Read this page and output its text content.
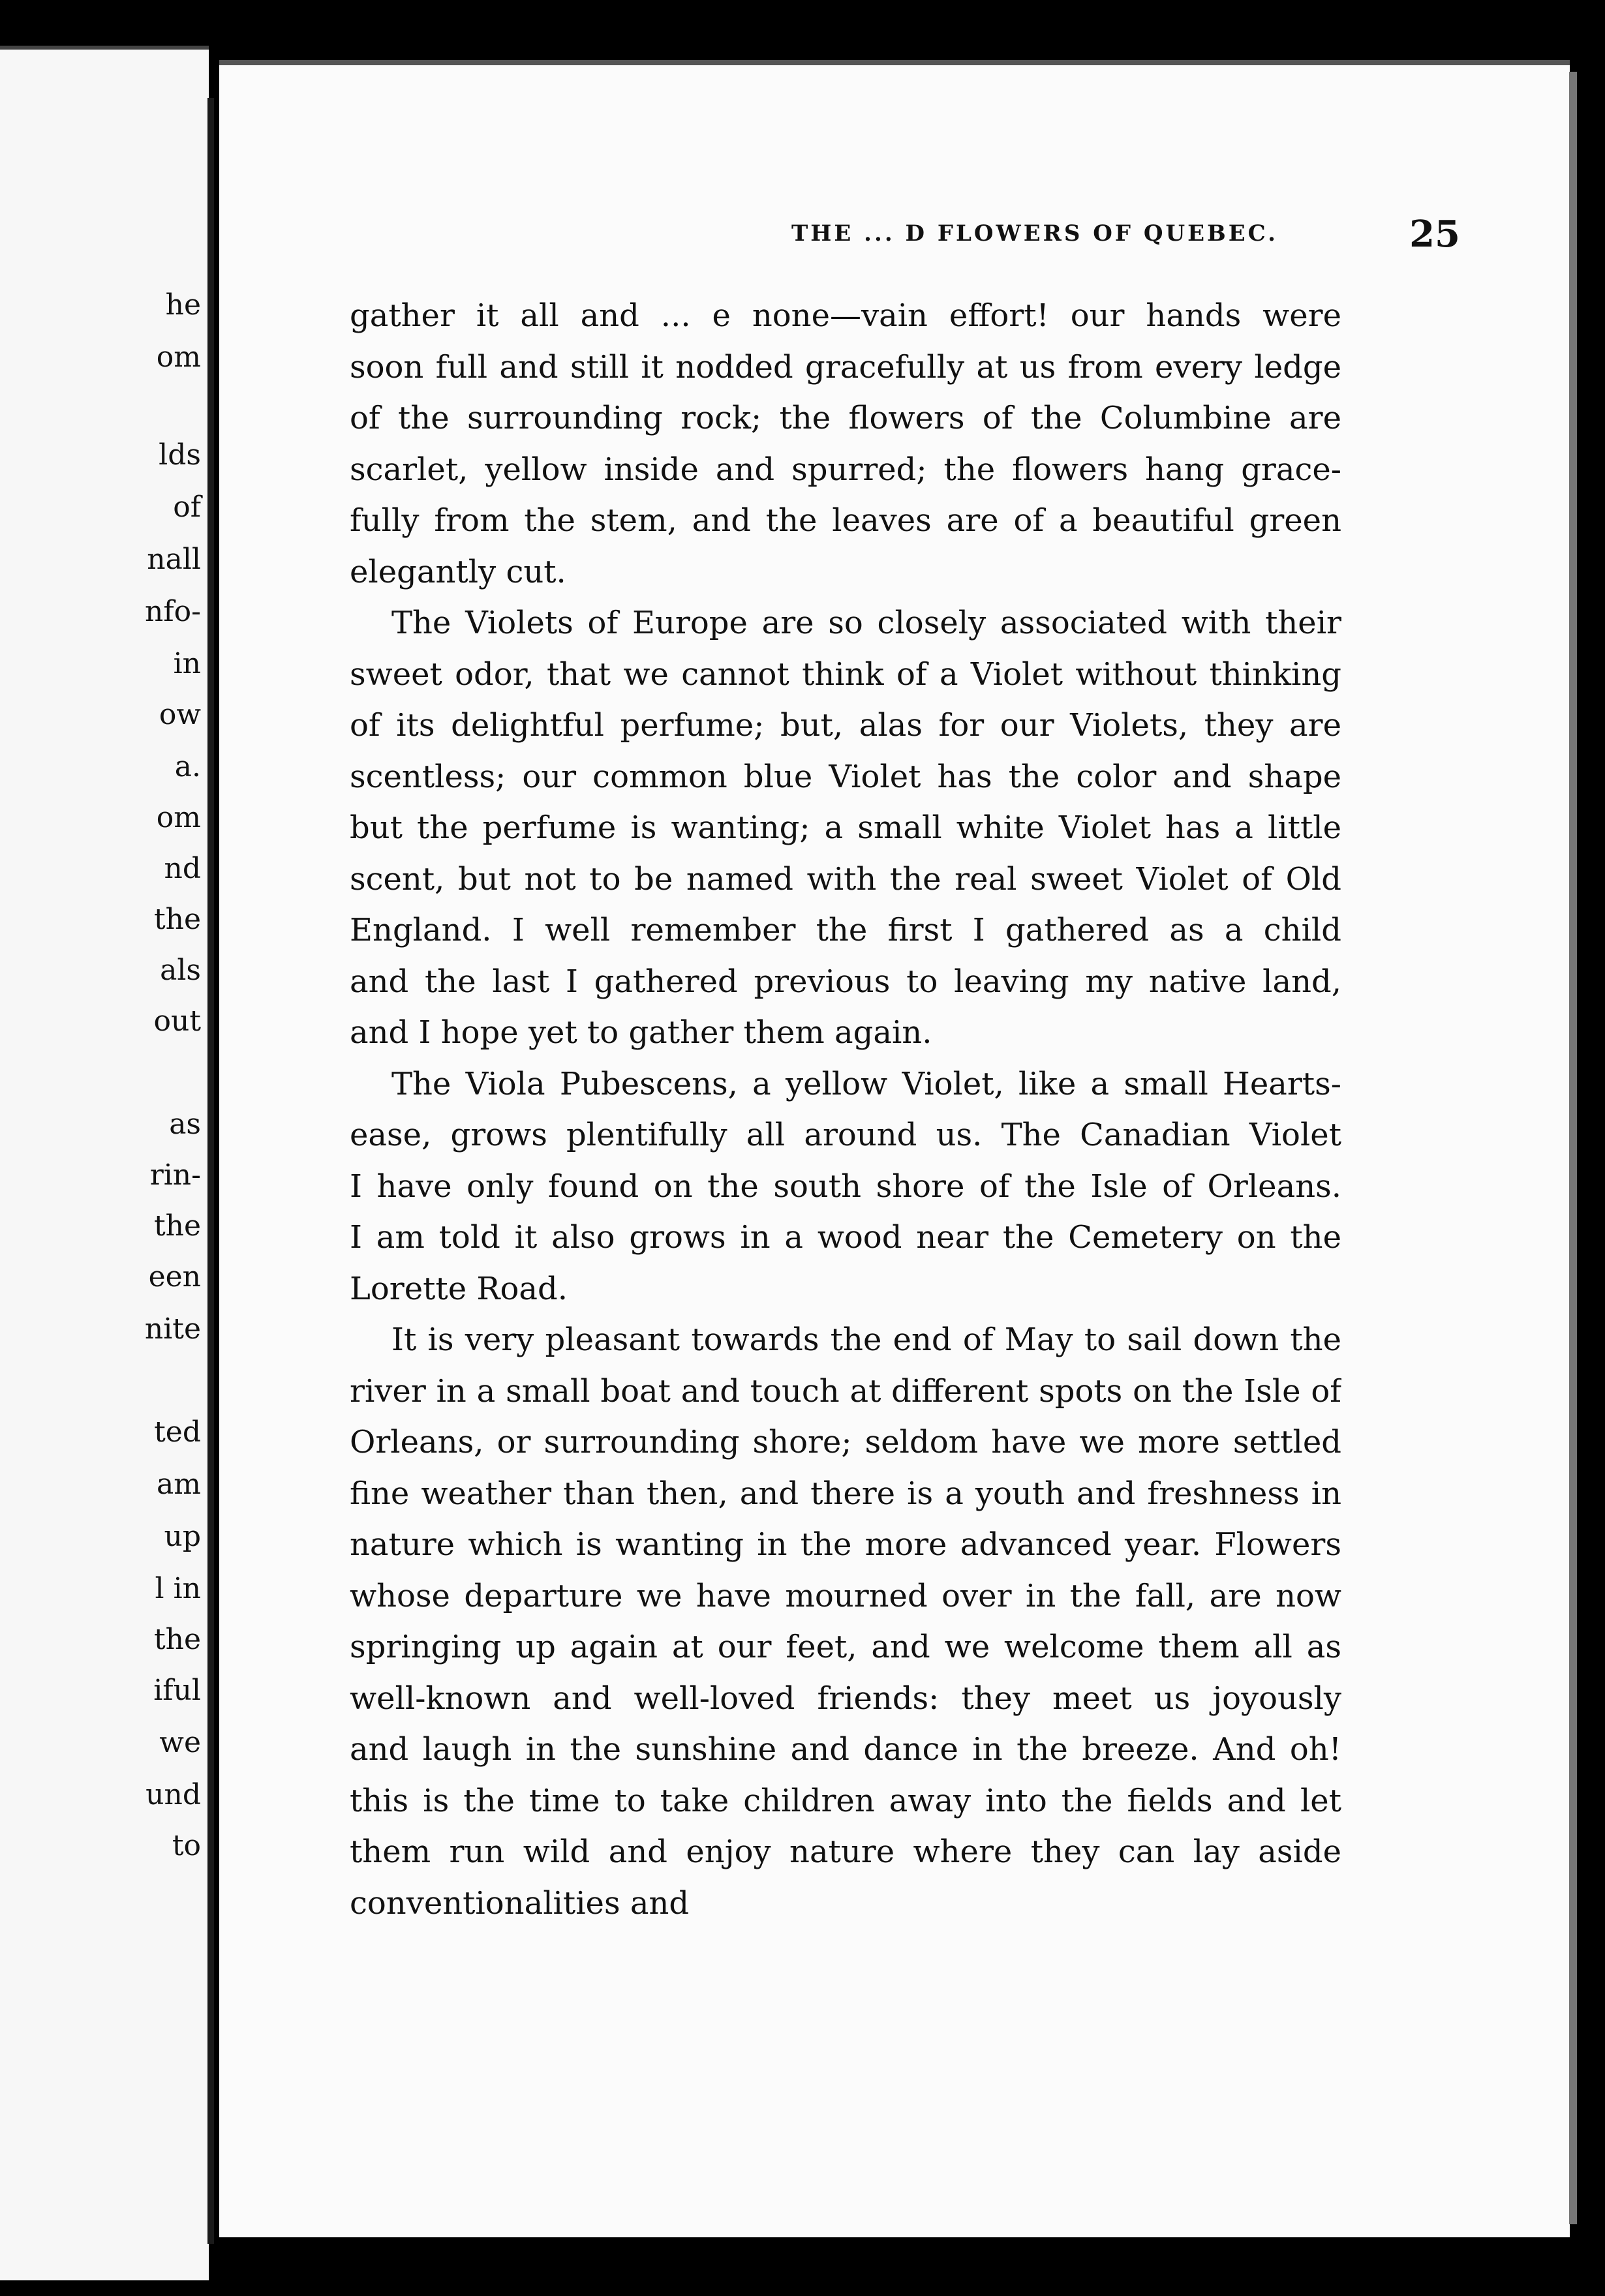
he
om
lds
of
nall
nfo-
in
ow
a.
om
nd
the
als
out
as
rin-
the
een
nite
ted
am
up
l in
the
iful
we
und
to
THE ... D FLOWERS OF QUEBEC.	25
gather it all and ... e none—vain effort! our hands were
soon full and still it nodded gracefully at us from every ledge
of the surrounding rock; the flowers of the Columbine are
scarlet, yellow inside and spurred; the flowers hang grace-
fully from the stem, and the leaves are of a beautiful green
elegantly cut.
The Violets of Europe are so closely associated with their
sweet odor, that we cannot think of a Violet without thinking
of its delightful perfume; but, alas for our Violets, they are
scentless; our common blue Violet has the color and shape
but the perfume is wanting; a small white Violet has a little
scent, but not to be named with the real sweet Violet of Old
England. I well remember the first I gathered as a child
and the last I gathered previous to leaving my native land,
and I hope yet to gather them again.
The Viola Pubescens, a yellow Violet, like a small Hearts-
ease, grows plentifully all around us. The Canadian Violet
I have only found on the south shore of the Isle of Orleans.
I am told it also grows in a wood near the Cemetery on the
Lorette Road.
It is very pleasant towards the end of May to sail down the
river in a small boat and touch at different spots on the Isle of
Orleans, or surrounding shore; seldom have we more settled
fine weather than then, and there is a youth and freshness in
nature which is wanting in the more advanced year. Flowers
whose departure we have mourned over in the fall, are now
springing up again at our feet, and we welcome them all as
well-known and well-loved friends: they meet us joyously
and laugh in the sunshine and dance in the breeze. And oh!
this is the time to take children away into the fields and let
them run wild and enjoy nature where they can lay aside
conventionalities and
